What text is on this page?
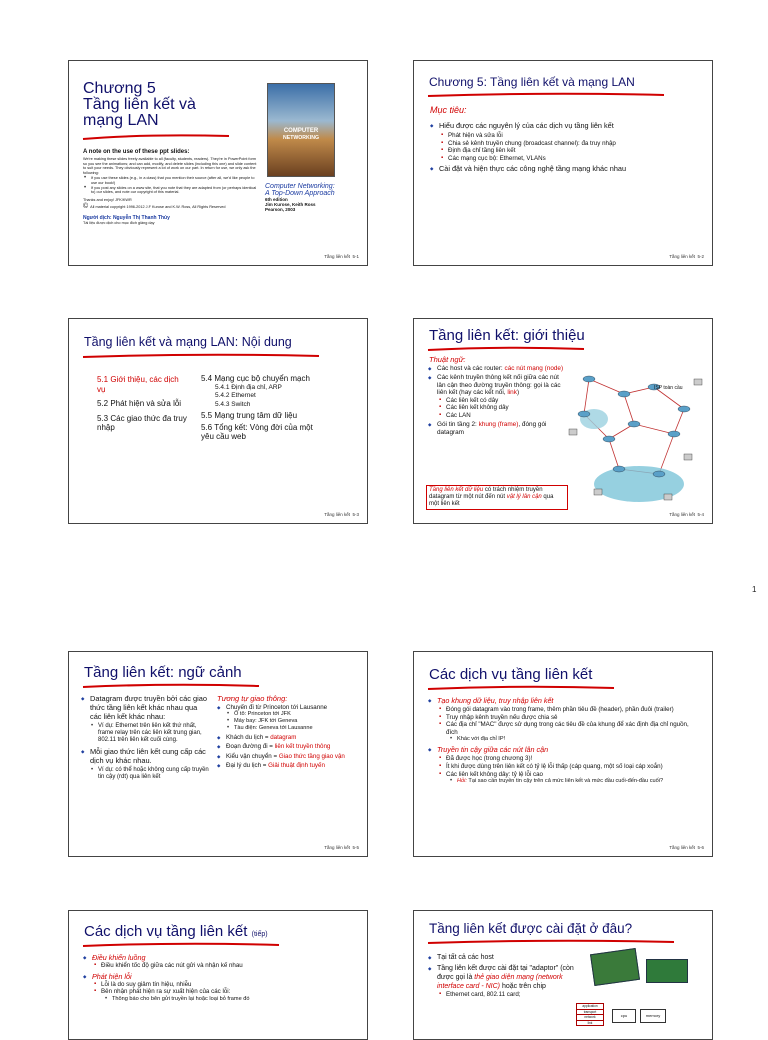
1
Chương 5
Tầng liên kết và
mạng LAN
COMPUTER
NETWORKING
A note on the use of these ppt slides:
We're making these slides freely available to all (faculty, students, readers). They're in PowerPoint form so you see the animations; and can add, modify, and delete slides (including this one) and slide content to suit your needs. They obviously represent a lot of work on our part. In return for use, we only ask the following:
• If you use these slides (e.g., in a class) that you mention their source (after all, we'd like people to use our book!)
• If you post any slides on a www site, that you note that they are adapted from (or perhaps identical to) our slides, and note our copyright of this material.
Thanks and enjoy! JFK/KWR
© All material copyright 1996-2012 J.F Kurose and K.W. Ross, All Rights Reserved
Người dịch: Nguyễn Thị Thanh Thủy
Tài liệu được dịch cho mục đích giảng dạy
Computer Networking:
A Top-Down Approach
6th edition
Jim Kurose, Keith Ross
Pearson, 2003
Tầng liên kết 5-1
Chương 5: Tầng liên kết và mạng LAN
Mục tiêu:
◆ Hiểu được các nguyên lý của các dịch vụ tầng liên kết
▪ Phát hiện và sửa lỗi
▪ Chia sẻ kênh truyền chung (broadcast channel): đa truy nhập
▪ Định địa chỉ tầng liên kết
▪ Các mạng cục bộ: Ethernet, VLANs
◆ Cài đặt và hiện thực các công nghệ tầng mạng khác nhau
Tầng liên kết 5-2
Tầng liên kết và mạng LAN: Nội dung
5.1 Giới thiệu, các dịch vụ
5.2 Phát hiện và sửa lỗi
5.3 Các giao thức đa truy nhập
5.4 Mạng cục bộ chuyển mạch
5.4.1 Định địa chỉ, ARP
5.4.2 Ethernet
5.4.3 Switch
5.5 Mạng trung tâm dữ liệu
5.6 Tổng kết: Vòng đời của một yêu cầu web
Tầng liên kết 5-3
Tầng liên kết: giới thiệu
Thuật ngữ:
◆ Các host và các router: các nút mạng (node)
◆ Các kênh truyền thông kết nối giữa các nút lân cận theo đường truyền thông: gọi là các liên kết (hay các kết nối, link)
▪ Các liên kết có dây
▪ Các liên kết không dây
▪ Các LAN
◆ Gói tin tầng 2: khung (frame), đóng gói datagram
Tầng liên kết dữ liệu có trách nhiệm truyền datagram từ một nút đến nút vật lý lân cận qua một liên kết
ISP toàn cầu
Tầng liên kết 5-4
Tầng liên kết: ngữ cảnh
◆ Datagram được truyền bởi các giao thức tầng liên kết khác nhau qua các liên kết khác nhau:
• Ví dụ: Ethernet trên liên kết thứ nhất, frame relay trên các liên kết trung gian, 802.11 trên liên kết cuối cùng.
◆ Mỗi giao thức liên kết cung cấp các dịch vụ khác nhau.
• Ví dụ: có thể hoặc không cung cấp truyền tin cậy (rdt) qua liên kết
Tương tự giao thông:
◆ Chuyến đi từ Princeton tới Lausanne
• Ô tô: Princeton tới JFK
• Máy bay: JFK tới Geneva
• Tàu điện: Geneva tới Lausanne
◆ Khách du lịch = datagram
◆ Đoạn đường đi = liên kết truyền thông
◆ Kiểu vận chuyển = Giao thức tầng giao vận
◆ Đại lý du lịch = Giải thuật định tuyến
Tầng liên kết 5-5
Các dịch vụ tầng liên kết
◆ Tạo khung dữ liệu, truy nhập liên kết
▪ Đóng gói datagram vào trong frame, thêm phần tiêu đề (header), phần đuôi (trailer)
▪ Truy nhập kênh truyền nếu được chia sẻ
▪ Các địa chỉ "MAC" được sử dụng trong các tiêu đề của khung để xác định địa chỉ nguồn, đích
• Khác với địa chỉ IP!
◆ Truyền tin cậy giữa các nút lân cận
▪ Đã được học (trong chương 3)!
▪ Ít khi được dùng trên liên kết có tỷ lệ lỗi thấp (cáp quang, một số loại cáp xoắn)
▪ Các liên kết không dây: tỷ lệ lỗi cao
• Hỏi: Tại sao cần truyền tin cậy trên cả mức liên kết và mức đầu cuối-đến-đầu cuối?
Tầng liên kết 5-6
Các dịch vụ tầng liên kết (tiếp)
◆ Điều khiển luồng
▪ Điều khiển tốc độ giữa các nút gửi và nhận kế nhau
◆ Phát hiện lỗi
▪ Lỗi là do suy giảm tín hiệu, nhiễu
▪ Bên nhận phát hiện ra sự xuất hiện của các lỗi:
• Thông báo cho bên gửi truyền lại hoặc loại bỏ frame đó
Tầng liên kết được cài đặt ở đâu?
◆ Tại tất cả các host
◆ Tầng liên kết được cài đặt tại "adaptor" (còn được gọi là thẻ giao diện mạng (network interface card - NIC) hoặc trên chip
▪ Ethernet card, 802.11 card;
application
transport
network
link
cpu	memory
